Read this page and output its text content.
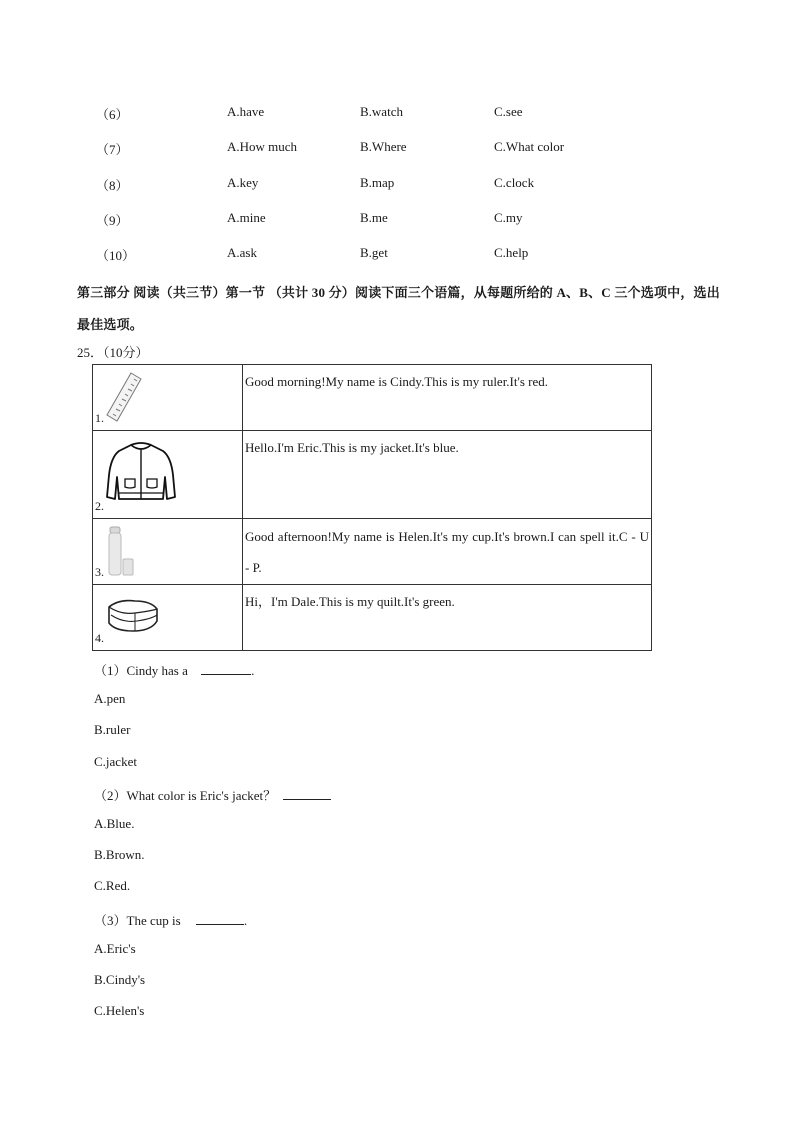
（6）	A.have	B.watch	C.see
（7）	A.How much	B.Where	C.What color
（8）	A.key	B.map	C.clock
（9）	A.mine	B.me	C.my
（10）	A.ask	B.get	C.help
第三部分 阅读（共三节）第一节 （共计 30 分）阅读下面三个语篇，从每题所给的 A、B、C 三个选项中，选出最佳选项。
25．（10分）
1.	Good morning!My name is Cindy.This is my ruler.It's red.

2.	Hello.I'm Eric.This is my jacket.It's blue.

3.	Good afternoon!My name is Helen.It's my cup.It's brown.I can spell it.C - U - P.

4.	Hi，I'm Dale.This is my quilt.It's green.
（1）Cindy has a	.
A.pen
B.ruler
C.jacket
（2）What color is Eric's jacket？
A.Blue.
B.Brown.
C.Red.
（3）The cup is	.
A.Eric's
B.Cindy's
C.Helen's
